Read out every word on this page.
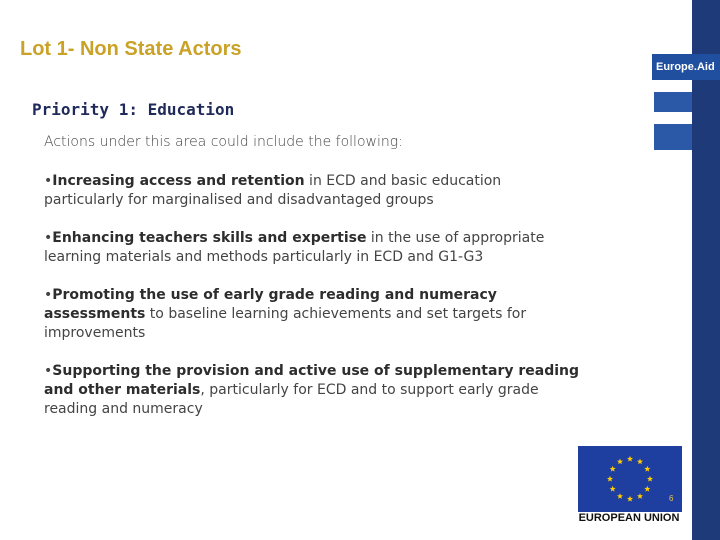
Europe.Aid
Lot 1- Non State Actors
Priority 1: Education

Actions under this area could include the following:

•Increasing access and retention in ECD and basic education particularly for marginalised and disadvantaged groups

•Enhancing teachers skills and expertise in the use of appropriate learning materials and methods particularly in ECD and G1-G3

•Promoting the use of early grade reading and numeracy assessments to baseline learning achievements and set targets for improvements

•Supporting the provision and active use of supplementary reading and other materials, particularly for ECD and to support early grade reading and numeracy

6
EUROPEAN UNION
